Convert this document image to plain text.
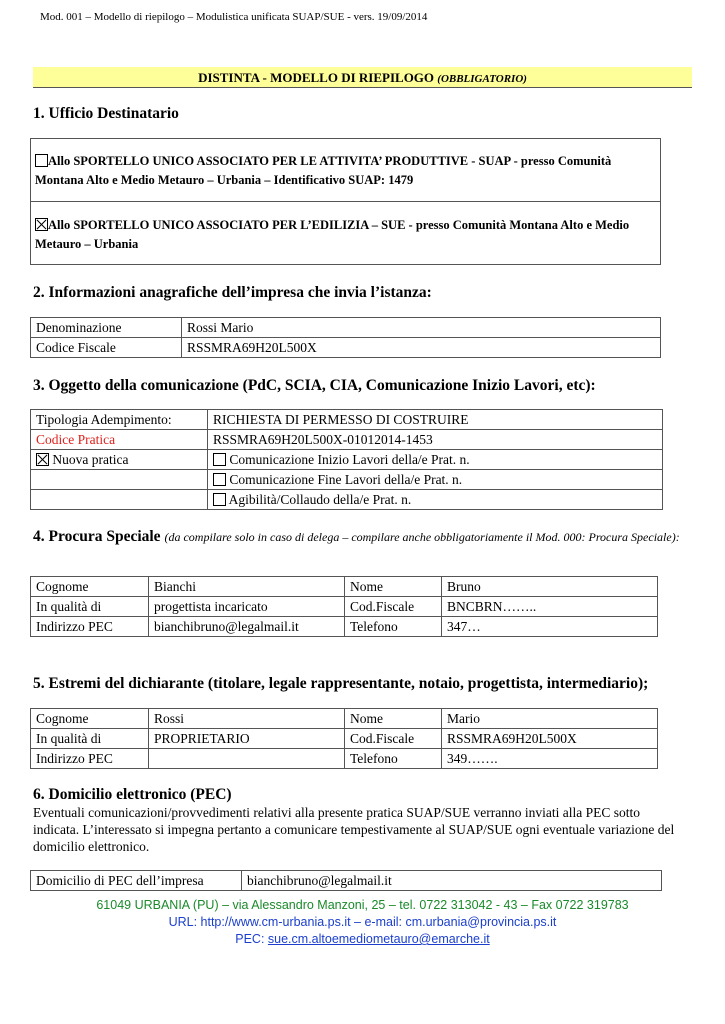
Mod. 001 – Modello di riepilogo – Modulistica unificata SUAP/SUE - vers. 19/09/2014
DISTINTA - MODELLO DI RIEPILOGO (OBBLIGATORIO)
1. Ufficio Destinatario
Allo SPORTELLO UNICO ASSOCIATO PER LE ATTIVITA’ PRODUTTIVE - SUAP - presso Comunità Montana Alto e Medio Metauro – Urbania – Identificativo SUAP: 1479
Allo SPORTELLO UNICO ASSOCIATO PER L’EDILIZIA – SUE - presso Comunità Montana Alto e Medio Metauro – Urbania
2. Informazioni anagrafiche dell’impresa che invia l’istanza:
Denominazione	Rossi Mario
Codice Fiscale	RSSMRA69H20L500X
3. Oggetto della comunicazione (PdC, SCIA, CIA, Comunicazione Inizio Lavori, etc):
Tipologia Adempimento:	RICHIESTA DI PERMESSO DI COSTRUIRE
Codice Pratica	RSSMRA69H20L500X-01012014-1453
Nuova pratica	Comunicazione Inizio Lavori della/e Prat. n.
	Comunicazione Fine Lavori della/e Prat. n.
	Agibilità/Collaudo della/e Prat. n.
4. Procura Speciale (da compilare solo in caso di delega – compilare anche obbligatoriamente il Mod. 000: Procura Speciale):
Cognome	Bianchi	Nome	Bruno
In qualità di	progettista incaricato	Cod.Fiscale	BNCBRN……..
Indirizzo PEC	bianchibruno@legalmail.it	Telefono	347…
5. Estremi del dichiarante (titolare, legale rappresentante, notaio, progettista, intermediario);
Cognome	Rossi	Nome	Mario
In qualità di	PROPRIETARIO	Cod.Fiscale	RSSMRA69H20L500X
Indirizzo PEC		Telefono	349…….
6. Domicilio elettronico (PEC)
Eventuali comunicazioni/provvedimenti relativi alla presente pratica SUAP/SUE verranno inviati alla PEC sotto indicata. L’interessato si impegna pertanto a comunicare tempestivamente al SUAP/SUE ogni eventuale variazione del domicilio elettronico.
Domicilio di PEC dell’impresa	bianchibruno@legalmail.it
61049 URBANIA (PU) – via Alessandro Manzoni, 25 – tel. 0722 313042 - 43 – Fax 0722 319783
URL: http://www.cm-urbania.ps.it – e-mail: cm.urbania@provincia.ps.it
PEC: sue.cm.altoemediometauro@emarche.it
